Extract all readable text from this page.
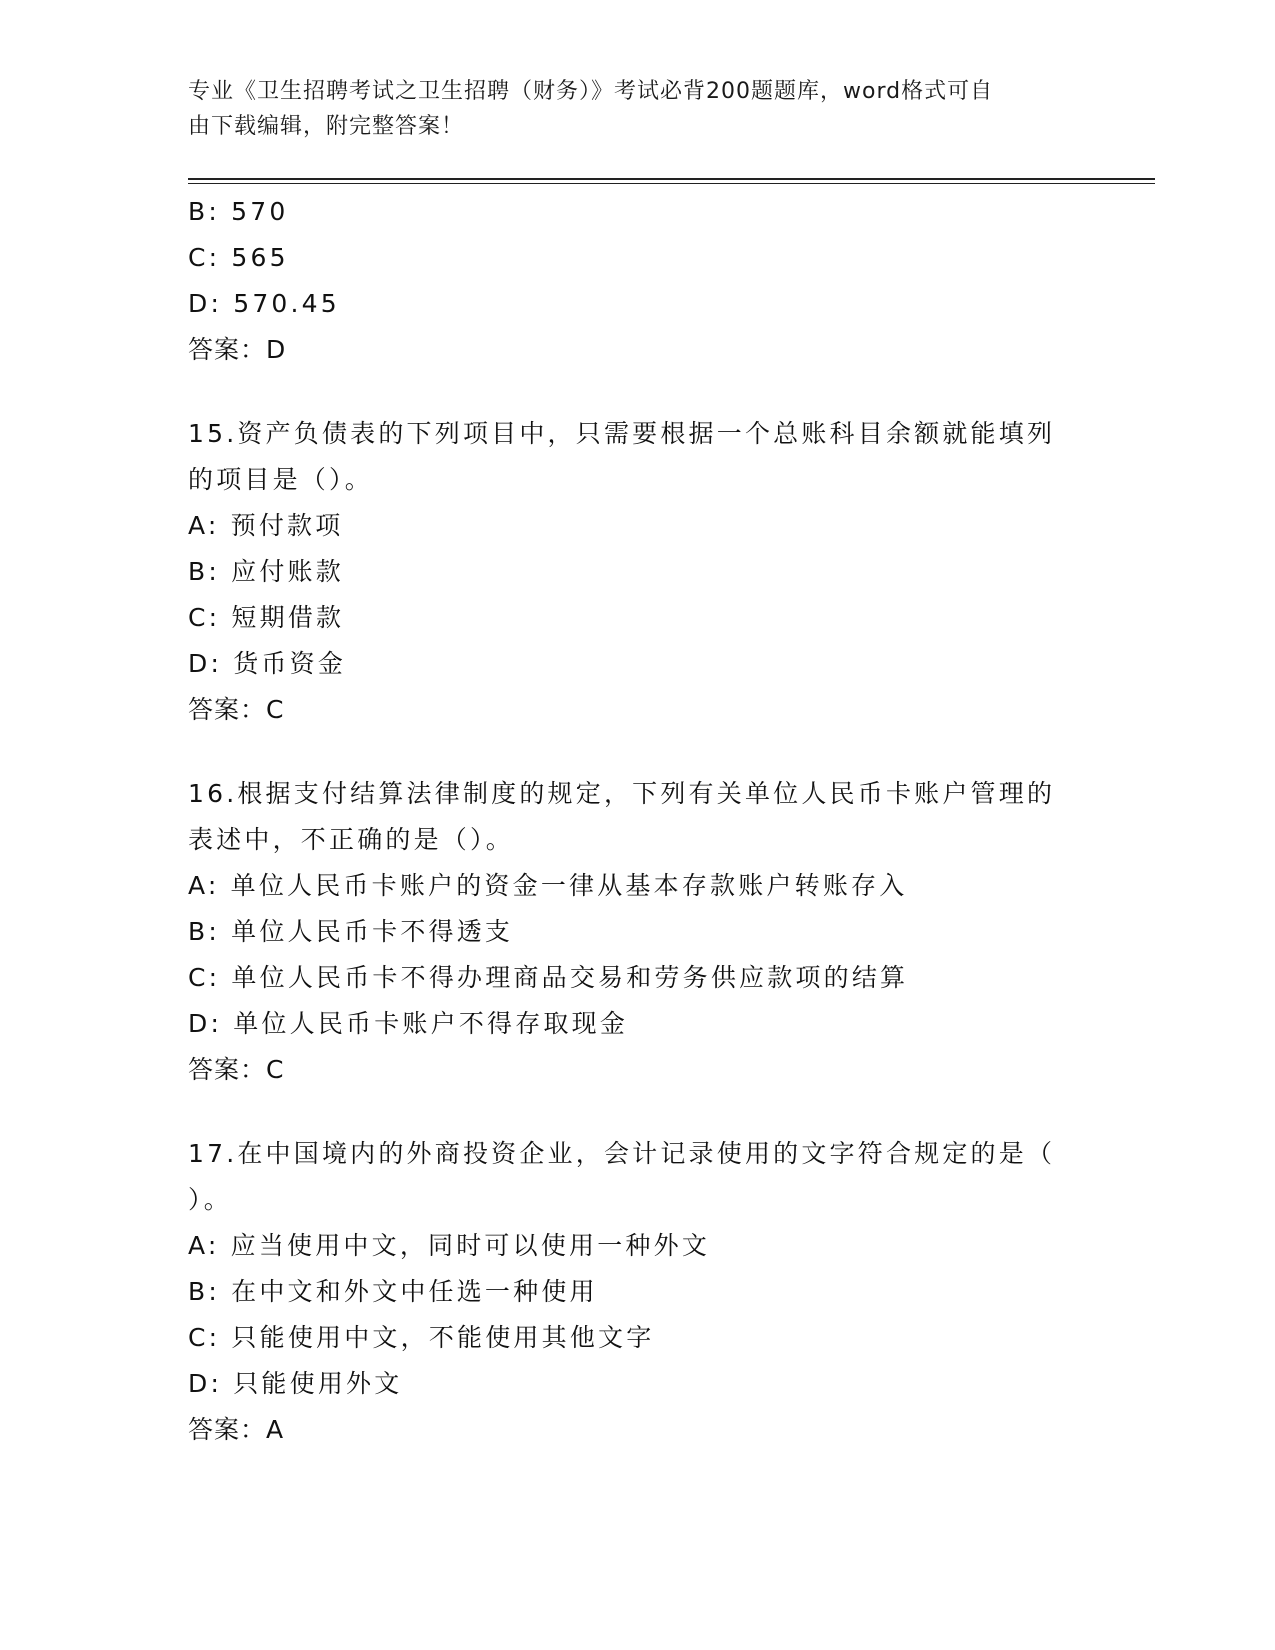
专业《卫生招聘考试之卫生招聘（财务）》考试必背200题题库，word格式可自
由下载编辑，附完整答案！
B: 570
C: 565
D: 570.45
答案：D
15.资产负债表的下列项目中，只需要根据一个总账科目余额就能填列
的项目是（）。
A: 预付款项
B: 应付账款
C: 短期借款
D: 货币资金
答案：C
16.根据支付结算法律制度的规定，下列有关单位人民币卡账户管理的
表述中，不正确的是（）。
A: 单位人民币卡账户的资金一律从基本存款账户转账存入
B: 单位人民币卡不得透支
C: 单位人民币卡不得办理商品交易和劳务供应款项的结算
D: 单位人民币卡账户不得存取现金
答案：C
17.在中国境内的外商投资企业，会计记录使用的文字符合规定的是（
）。
A: 应当使用中文，同时可以使用一种外文
B: 在中文和外文中任选一种使用
C: 只能使用中文，不能使用其他文字
D: 只能使用外文
答案：A
